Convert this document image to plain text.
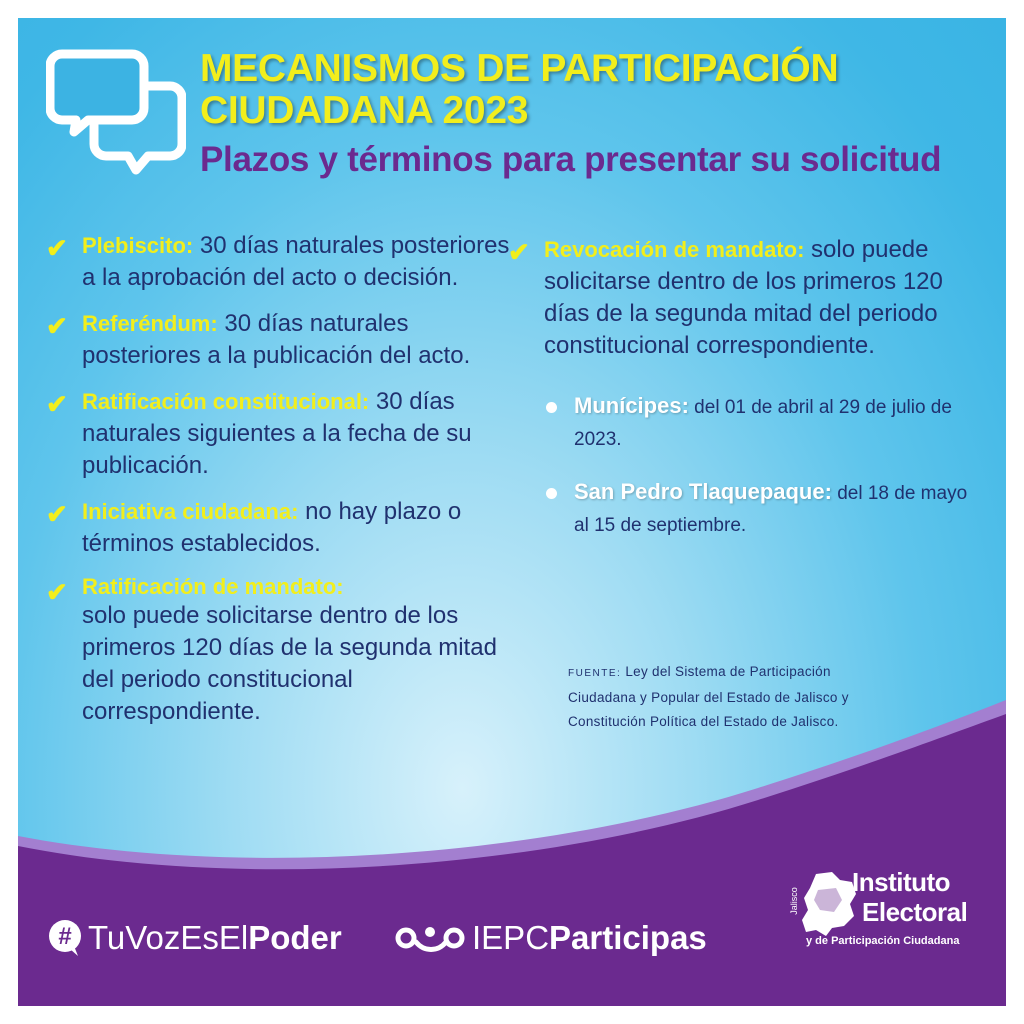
MECANISMOS DE PARTICIPACIÓN CIUDADANA 2023
Plazos y términos para presentar su solicitud
✔ Plebiscito: 30 días naturales posteriores a la aprobación del acto o decisión.
✔ Referéndum: 30 días naturales posteriores a la publicación del acto.
✔ Ratificación constitucional: 30 días naturales siguientes a la fecha de su publicación.
✔ Iniciativa ciudadana: no hay plazo o términos establecidos.
✔ Ratificación de mandato:
solo puede solicitarse dentro de los primeros 120 días de la segunda mitad del periodo constitucional correspondiente.
✔ Revocación de mandato: solo puede solicitarse dentro de los primeros 120 días de la segunda mitad del periodo constitucional correspondiente.
Munícipes: del 01 de abril al 29 de julio de 2023.
San Pedro Tlaquepaque: del 18 de mayo al 15 de septiembre.
FUENTE: Ley del Sistema de Participación Ciudadana y Popular del Estado de Jalisco y Constitución Política del Estado de Jalisco.
# TuVozEsEl Poder	IEPC Participas
Jalisco
Instituto
Electoral
y de Participación Ciudadana
